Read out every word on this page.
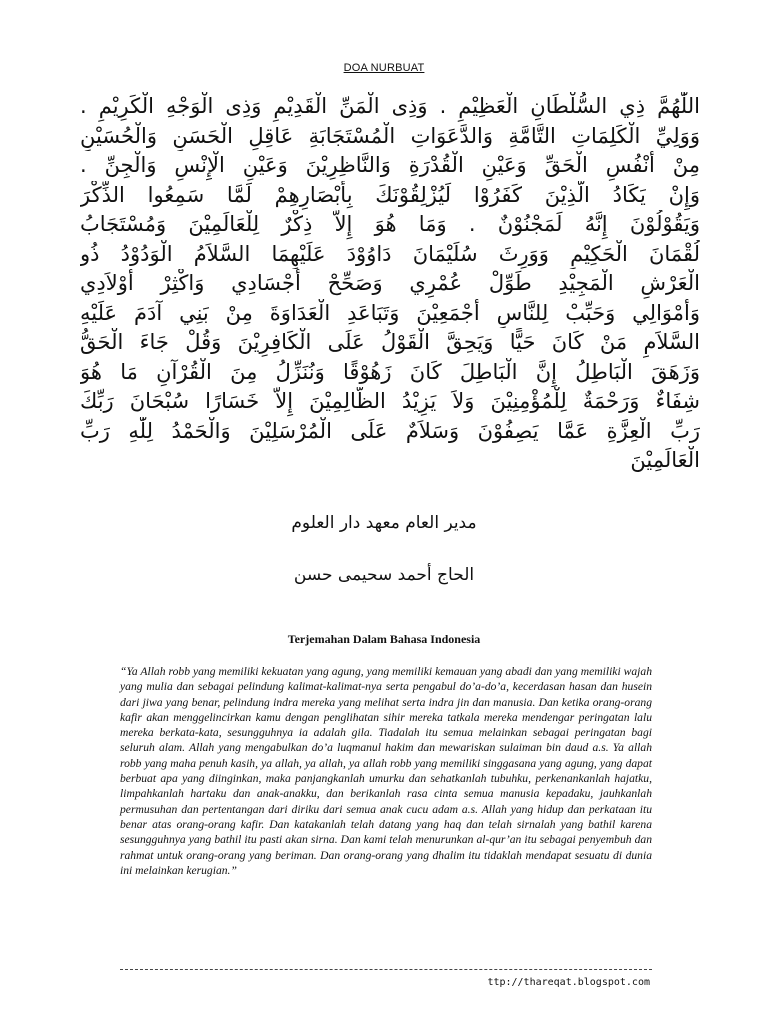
DOA NURBUAT
اللّٰهُمَّ ذِي السُّلْطَانِ الْعَظِيْمِ . وَذِى الْمَنِّ الْقَدِيْمِ وَذِى الْوَجْهِ الْكَرِيْمِ .
وَوَلِيِّ الْكَلِمَاتِ التَّامَّةِ وَالدَّعَوَاتِ الْمُسْتَجَابَةِ عَاقِلِ الْحَسَنِ وَالْحُسَيْنِ
مِنْ أَنْفُسِ الْحَقِّ وَعَيْنِ الْقُدْرَةِ وَالنَّاظِرِيْنَ وَعَيْنِ الْإِنْسِ وَالْجِنِّ .
وَإِنْ يَكَادُ الَّذِيْنَ كَفَرُوْا لَيُزْلِقُوْنَكَ بِأَبْصَارِهِمْ لَمَّا سَمِعُوا الذِّكْرَ
وَيَقُوْلُوْنَ إِنَّهُ لَمَجْنُوْنٌ . وَمَا هُوَ إِلاَّ ذِكْرٌ لِلْعَالَمِيْنَ وَمُسْتَجَابُ
لُقْمَانَ الْحَكِيْمِ وَوَرِثَ سُلَيْمَانَ دَاوُوْدَ عَلَيْهِمَا السَّلاَمُ الْوَدُوْدُ ذُو
الْعَرْشِ الْمَجِيْدِ طَوِّلْ عُمْرِي وَصَحِّحْ أَجْسَادِي وَاكْثِرْ أَوْلاَدِي
وَأَمْوَالِي وَحَبِّبْ لِلنَّاسِ أَجْمَعِيْنَ وَتَبَاعَدِ الْعَدَاوَةَ مِنْ بَنِي آدَمَ عَلَيْهِ
السَّلاَمِ مَنْ كَانَ حَيًّا وَيَحِقَّ الْقَوْلُ عَلَى الْكَافِرِيْنَ وَقُلْ جَاءَ الْحَقُّ
وَزَهَقَ الْبَاطِلُ إِنَّ الْبَاطِلَ كَانَ زَهُوْقًا وَنُنَزِّلُ مِنَ الْقُرْآنِ مَا هُوَ
شِفَاءٌ وَرَحْمَةٌ لِلْمُؤْمِنِيْنَ وَلاَ يَزِيْدُ الظَّالِمِيْنَ إِلاَّ خَسَارًا سُبْحَانَ رَبِّكَ
رَبِّ الْعِزَّةِ عَمَّا يَصِفُوْنَ وَسَلاَمٌ عَلَى الْمُرْسَلِيْنَ وَالْحَمْدُ لِلّٰهِ رَبِّ
الْعَالَمِيْنَ
مدير العام معهد دار العلوم
الحاج أحمد سحيمى حسن
Terjemahan Dalam Bahasa Indonesia
“Ya Allah robb yang memiliki kekuatan yang agung, yang memiliki kemauan yang abadi dan yang memiliki wajah yang mulia dan sebagai pelindung kalimat-kalimat-nya serta pengabul do’a-do’a, kecerdasan hasan dan husein dari jiwa yang benar, pelindung indra mereka yang melihat serta indra jin dan manusia. Dan ketika orang-orang kafir akan menggelincirkan kamu dengan penglihatan sihir mereka tatkala mereka mendengar peringatan lalu mereka berkata-kata, sesungguhnya ia adalah gila. Tiadalah itu semua melainkan sebagai peringatan bagi seluruh alam. Allah yang mengabulkan do’a luqmanul hakim dan mewariskan sulaiman bin daud a.s. Ya allah robb yang maha penuh kasih, ya allah, ya allah, ya allah robb yang memiliki singgasana yang agung, yang dapat berbuat apa yang diinginkan, maka panjangkanlah umurku dan sehatkanlah tubuhku, perkenankanlah hajatku, limpahkanlah hartaku dan anak-anakku, dan berikanlah rasa cinta semua manusia kepadaku, jauhkanlah permusuhan dan pertentangan dari diriku dari semua anak cucu adam a.s. Allah yang hidup dan perkataan itu benar atas orang-orang kafir. Dan katakanlah telah datang yang haq dan telah sirnalah yang bathil karena sesungguhnya yang bathil itu pasti akan sirna. Dan kami telah menurunkan al-qur’an itu sebagai penyembuh dan rahmat untuk orang-orang yang beriman. Dan orang-orang yang dhalim itu tidaklah mendapat sesuatu di dunia ini melainkan kerugian.”
ttp://thareqat.blogspot.com
